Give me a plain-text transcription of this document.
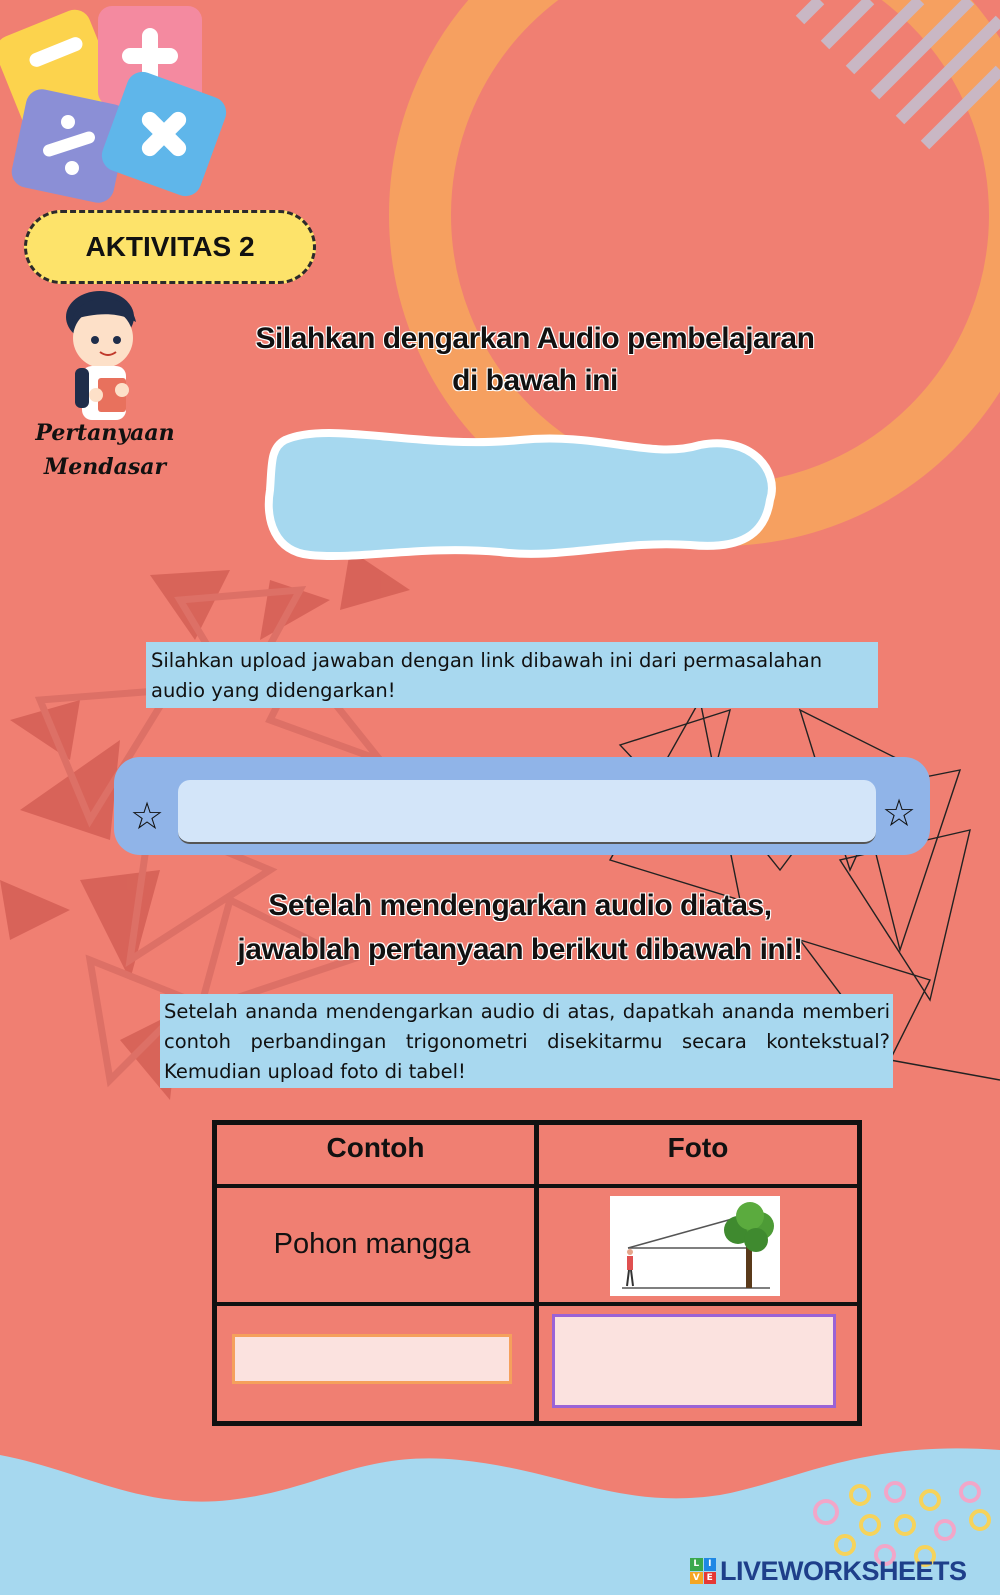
AKTIVITAS 2
Pertanyaan
Mendasar
Silahkan dengarkan Audio pembelajaran di bawah ini
Silahkan upload jawaban dengan link dibawah ini dari permasalahan audio yang didengarkan!
☆	☆
Setelah mendengarkan audio diatas, jawablah pertanyaan berikut dibawah ini!
Setelah ananda mendengarkan audio di atas, dapatkah ananda memberi contoh perbandingan trigonometri disekitarmu secara kontekstual? Kemudian upload foto di tabel!
Contoh	Foto
Pohon mangga
L I
V E LIVEWORKSHEETS
